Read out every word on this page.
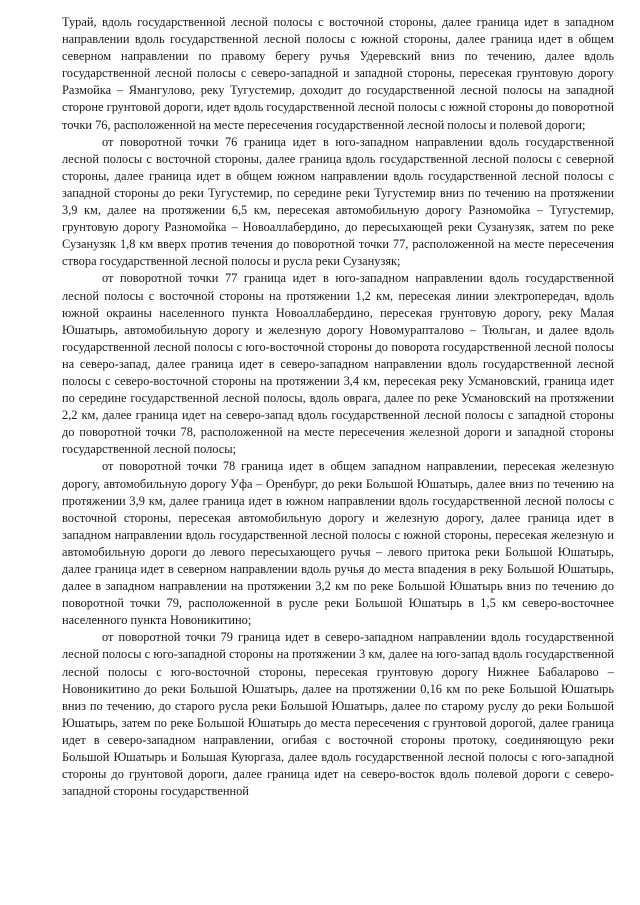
Турай, вдоль государственной лесной полосы с восточной стороны, далее граница идет в западном направлении вдоль государственной лесной полосы с южной стороны, далее граница идет в общем северном направлении по правому берегу ручья Удеревский вниз по течению, далее вдоль государственной лесной полосы с северо-западной и западной стороны, пересекая грунтовую дорогу Размойка – Ямангулово, реку Тугустемир, доходит до государственной лесной полосы на западной стороне грунтовой дороги, идет вдоль государственной лесной полосы с южной стороны до поворотной точки 76, расположенной на месте пересечения государственной лесной полосы и полевой дороги;

от поворотной точки 76 граница идет в юго-западном направлении вдоль государственной лесной полосы с восточной стороны, далее граница вдоль государственной лесной полосы с северной стороны, далее граница идет в общем южном направлении вдоль государственной лесной полосы с западной стороны до реки Тугустемир, по середине реки Тугустемир вниз по течению на протяжении 3,9 км, далее на протяжении 6,5 км, пересекая автомобильную дорогу Разномойка – Тугустемир, грунтовую дорогу Разномойка – Новоаллабердино, до пересыхающей реки Сузанузяк, затем по реке Сузанузяк 1,8 км вверх против течения до поворотной точки 77, расположенной на месте пересечения створа государственной лесной полосы и русла реки Сузанузяк;

от поворотной точки 77 граница идет в юго-западном направлении вдоль государственной лесной полосы с восточной стороны на протяжении 1,2 км, пересекая линии электропередач, вдоль южной окраины населенного пункта Новоаллабердино, пересекая грунтовую дорогу, реку Малая Юшатырь, автомобильную дорогу и железную дорогу Новомурапталово – Тюльган, и далее вдоль государственной лесной полосы с юго-восточной стороны до поворота государственной лесной полосы на северо-запад, далее граница идет в северо-западном направлении вдоль государственной лесной полосы с северо-восточной стороны на протяжении 3,4 км, пересекая реку Усмановский, граница идет по середине государственной лесной полосы, вдоль оврага, далее по реке Усмановский на протяжении 2,2 км, далее граница идет на северо-запад вдоль государственной лесной полосы с западной стороны до поворотной точки 78, расположенной на месте пересечения железной дороги и западной стороны государственной лесной полосы;

от поворотной точки 78 граница идет в общем западном направлении, пересекая железную дорогу, автомобильную дорогу Уфа – Оренбург, до реки Большой Юшатырь, далее вниз по течению на протяжении 3,9 км, далее граница идет в южном направлении вдоль государственной лесной полосы с восточной стороны, пересекая автомобильную дорогу и железную дорогу, далее граница идет в западном направлении вдоль государственной лесной полосы с южной стороны, пересекая железную и автомобильную дороги до левого пересыхающего ручья – левого притока реки Большой Юшатырь, далее граница идет в северном направлении вдоль ручья до места впадения в реку Большой Юшатырь, далее в западном направлении на протяжении 3,2 км по реке Большой Юшатырь вниз по течению до поворотной точки 79, расположенной в русле реки Большой Юшатырь в 1,5 км северо-восточнее населенного пункта Новоникитино;

от поворотной точки 79 граница идет в северо-западном направлении вдоль государственной лесной полосы с юго-западной стороны на протяжении 3 км, далее на юго-запад вдоль государственной лесной полосы с юго-восточной стороны, пересекая грунтовую дорогу Нижнее Бабаларово – Новоникитино до реки Большой Юшатырь, далее на протяжении 0,16 км по реке Большой Юшатырь вниз по течению, до старого русла реки Большой Юшатырь, далее по старому руслу до реки Большой Юшатырь, затем по реке Большой Юшатырь до места пересечения с грунтовой дорогой, далее граница идет в северо-западном направлении, огибая с восточной стороны протоку, соединяющую реки Большой Юшатырь и Большая Куюргаза, далее вдоль государственной лесной полосы с юго-западной стороны до грунтовой дороги, далее граница идет на северо-восток вдоль полевой дороги с северо-западной стороны государственной
